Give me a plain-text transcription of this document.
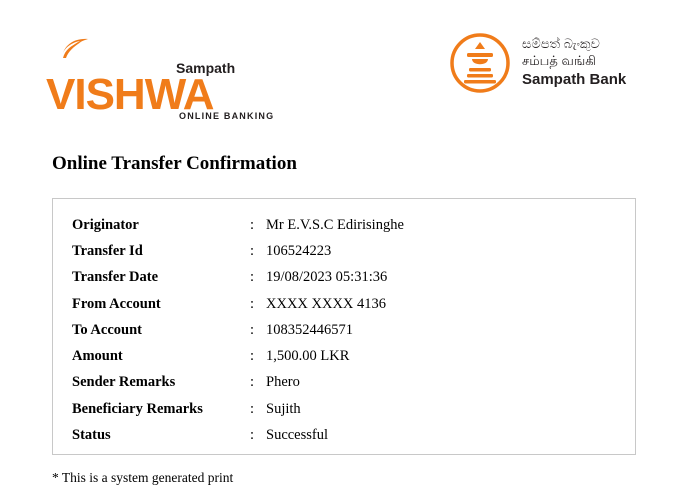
Sampath
VISHWA
ONLINE BANKING
සම්පත් බැංකුව
சம்பத் வங்கி
Sampath Bank
Online Transfer Confirmation
Originator	:	Mr E.V.S.C Edirisinghe
Transfer Id	:	106524223
Transfer Date	:	19/08/2023 05:31:36
From Account	:	XXXX XXXX 4136
To Account	:	108352446571
Amount	:	1,500.00 LKR
Sender Remarks	:	Phero
Beneficiary Remarks	:	Sujith
Status	:	Successful
* This is a system generated print
